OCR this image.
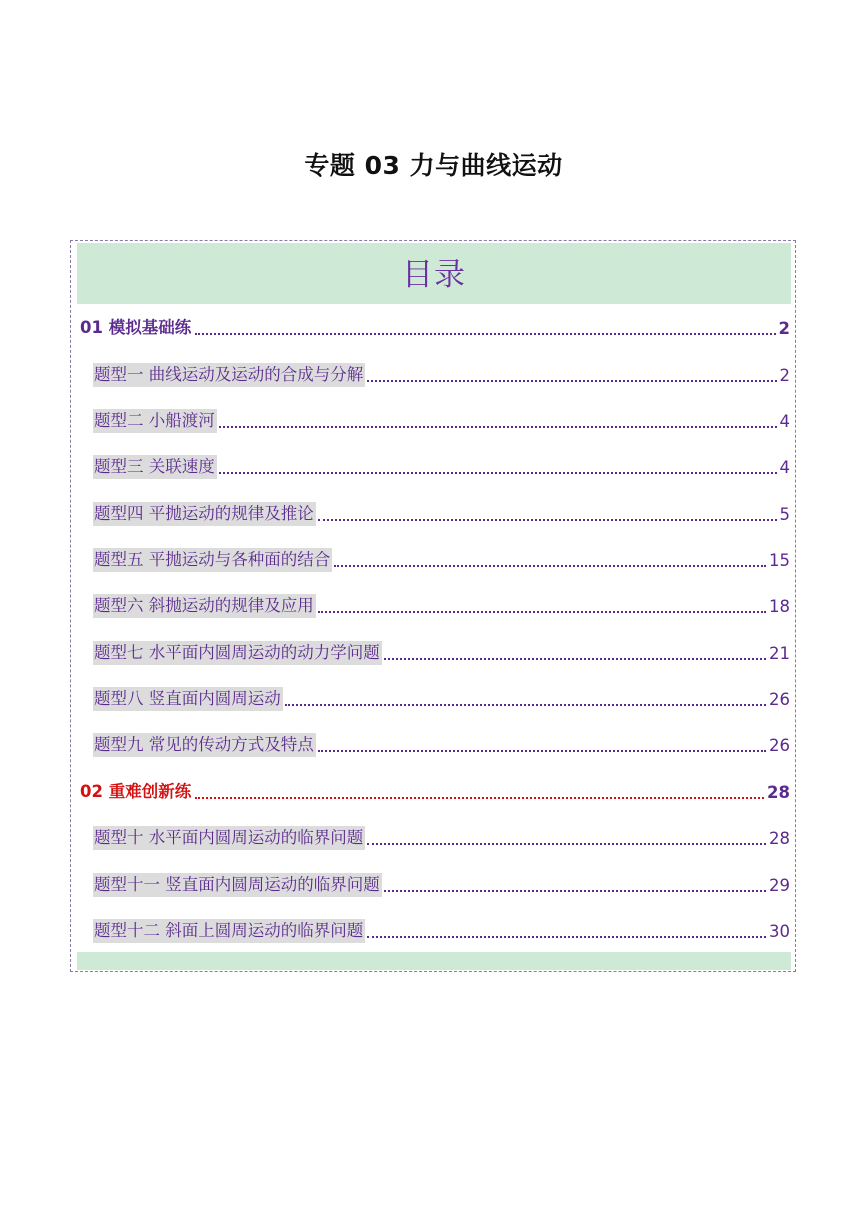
专题 03 力与曲线运动
目录
01 模拟基础练	2
题型一 曲线运动及运动的合成与分解	2
题型二 小船渡河	4
题型三 关联速度	4
题型四 平抛运动的规律及推论	5
题型五 平抛运动与各种面的结合	15
题型六 斜抛运动的规律及应用	18
题型七 水平面内圆周运动的动力学问题	21
题型八 竖直面内圆周运动	26
题型九 常见的传动方式及特点	26
02 重难创新练	28
题型十 水平面内圆周运动的临界问题	28
题型十一 竖直面内圆周运动的临界问题	29
题型十二 斜面上圆周运动的临界问题	30
